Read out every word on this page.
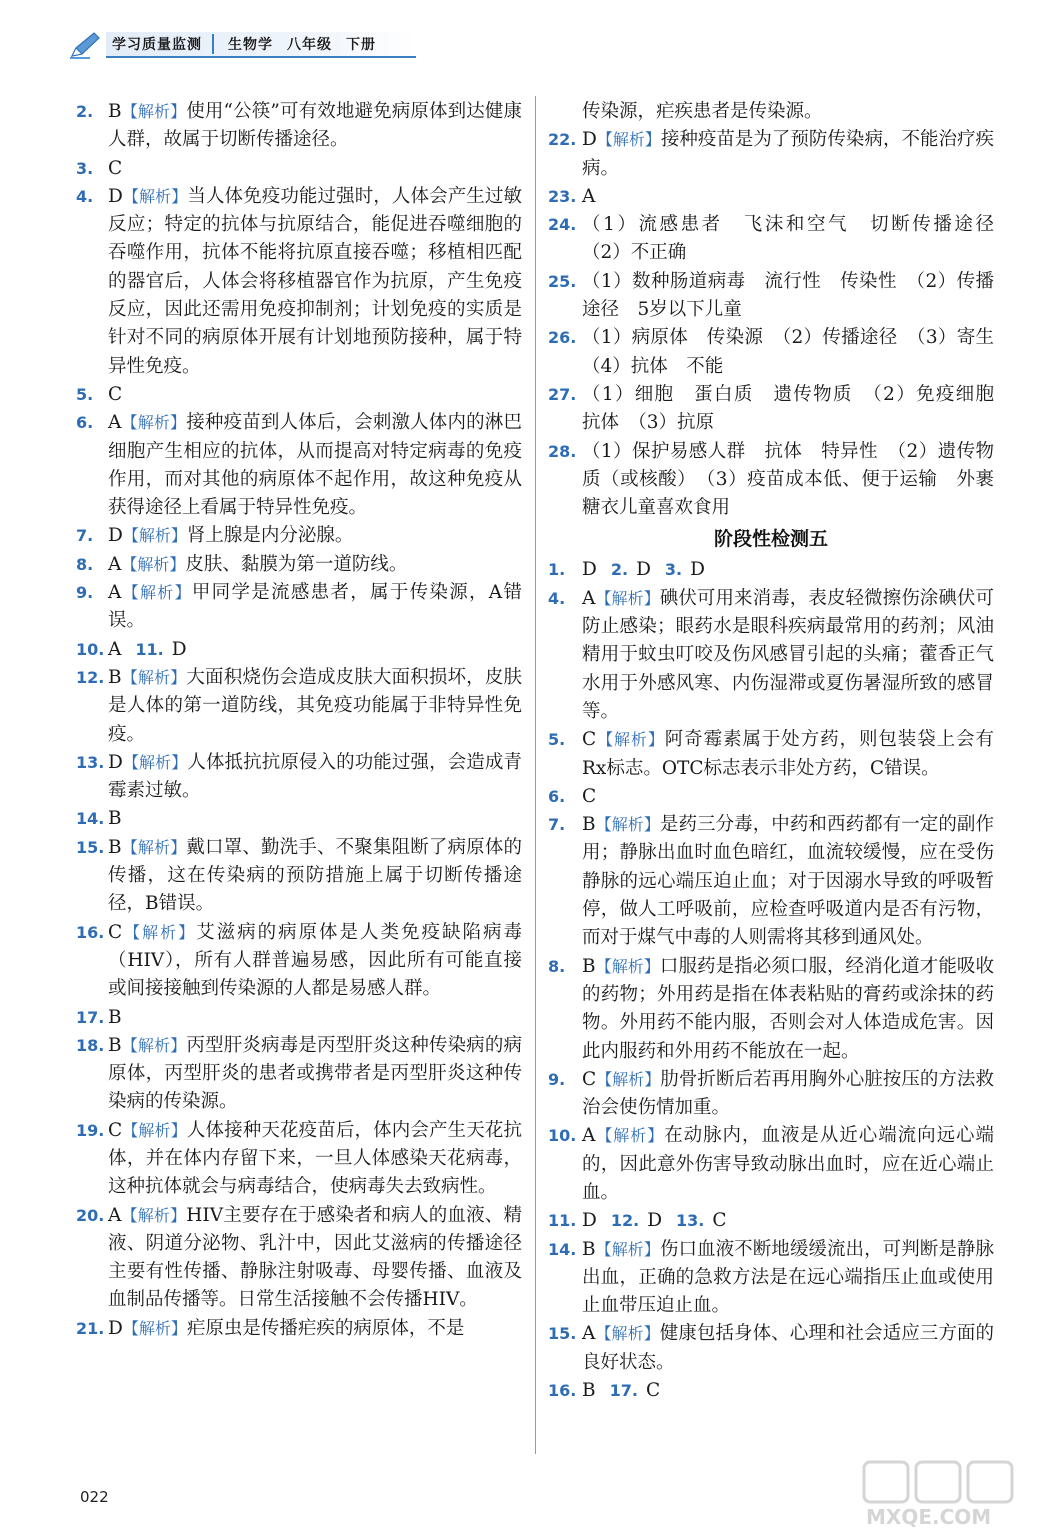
学习质量监测	生物学 八年级 下册
2. B【解析】使用“公筷”可有效地避免病原体到达健康人群，故属于切断传播途径。
3. C
4. D【解析】当人体免疫功能过强时，人体会产生过敏反应；特定的抗体与抗原结合，能促进吞噬细胞的吞噬作用，抗体不能将抗原直接吞噬；移植相匹配的器官后，人体会将移植器官作为抗原，产生免疫反应，因此还需用免疫抑制剂；计划免疫的实质是针对不同的病原体开展有计划地预防接种，属于特异性免疫。
5. C
6. A【解析】接种疫苗到人体后，会刺激人体内的淋巴细胞产生相应的抗体，从而提高对特定病毒的免疫作用，而对其他的病原体不起作用，故这种免疫从获得途径上看属于特异性免疫。
7. D【解析】肾上腺是内分泌腺。
8. A【解析】皮肤、黏膜为第一道防线。
9. A【解析】甲同学是流感患者，属于传染源，A错误。
10. A 11. D
12. B【解析】大面积烧伤会造成皮肤大面积损坏，皮肤是人体的第一道防线，其免疫功能属于非特异性免疫。
13. D【解析】人体抵抗抗原侵入的功能过强，会造成青霉素过敏。
14. B
15. B【解析】戴口罩、勤洗手、不聚集阻断了病原体的传播，这在传染病的预防措施上属于切断传播途径，B错误。
16. C【解析】艾滋病的病原体是人类免疫缺陷病毒（HIV），所有人群普遍易感，因此所有可能直接或间接接触到传染源的人都是易感人群。
17. B
18. B【解析】丙型肝炎病毒是丙型肝炎这种传染病的病原体，丙型肝炎的患者或携带者是丙型肝炎这种传染病的传染源。
19. C【解析】人体接种天花疫苗后，体内会产生天花抗体，并在体内存留下来，一旦人体感染天花病毒，这种抗体就会与病毒结合，使病毒失去致病性。
20. A【解析】HIV主要存在于感染者和病人的血液、精液、阴道分泌物、乳汁中，因此艾滋病的传播途径主要有性传播、静脉注射吸毒、母婴传播、血液及血制品传播等。日常生活接触不会传播HIV。
21. D【解析】疟原虫是传播疟疾的病原体，不是
传染源，疟疾患者是传染源。
22. D【解析】接种疫苗是为了预防传染病，不能治疗疾病。
23. A
24. （1）流感患者　飞沫和空气　切断传播途径　（2）不正确
25. （1）数种肠道病毒　流行性　传染性　（2）传播途径　5岁以下儿童
26. （1）病原体　传染源　（2）传播途径　（3）寄生　（4）抗体　不能
27. （1）细胞　蛋白质　遗传物质　（2）免疫细胞　抗体　（3）抗原
28. （1）保护易感人群　抗体　特异性　（2）遗传物质（或核酸）　（3）疫苗成本低、便于运输　外裹糖衣儿童喜欢食用
阶段性检测五
1. D 2. D 3. D
4. A【解析】碘伏可用来消毒，表皮轻微擦伤涂碘伏可防止感染；眼药水是眼科疾病最常用的药剂；风油精用于蚊虫叮咬及伤风感冒引起的头痛；藿香正气水用于外感风寒、内伤湿滞或夏伤暑湿所致的感冒等。
5. C【解析】阿奇霉素属于处方药，则包装袋上会有Rx标志。OTC标志表示非处方药，C错误。
6. C
7. B【解析】是药三分毒，中药和西药都有一定的副作用；静脉出血时血色暗红，血流较缓慢，应在受伤静脉的远心端压迫止血；对于因溺水导致的呼吸暂停，做人工呼吸前，应检查呼吸道内是否有污物，而对于煤气中毒的人则需将其移到通风处。
8. B【解析】口服药是指必须口服，经消化道才能吸收的药物；外用药是指在体表粘贴的膏药或涂抹的药物。外用药不能内服，否则会对人体造成危害。因此内服药和外用药不能放在一起。
9. C【解析】肋骨折断后若再用胸外心脏按压的方法救治会使伤情加重。
10. A【解析】在动脉内，血液是从近心端流向远心端的，因此意外伤害导致动脉出血时，应在近心端止血。
11. D 12. D 13. C
14. B【解析】伤口血液不断地缓缓流出，可判断是静脉出血，正确的急救方法是在远心端指压止血或使用止血带压迫止血。
15. A【解析】健康包括身体、心理和社会适应三方面的良好状态。
16. B 17. C
022
MXQE.COM
